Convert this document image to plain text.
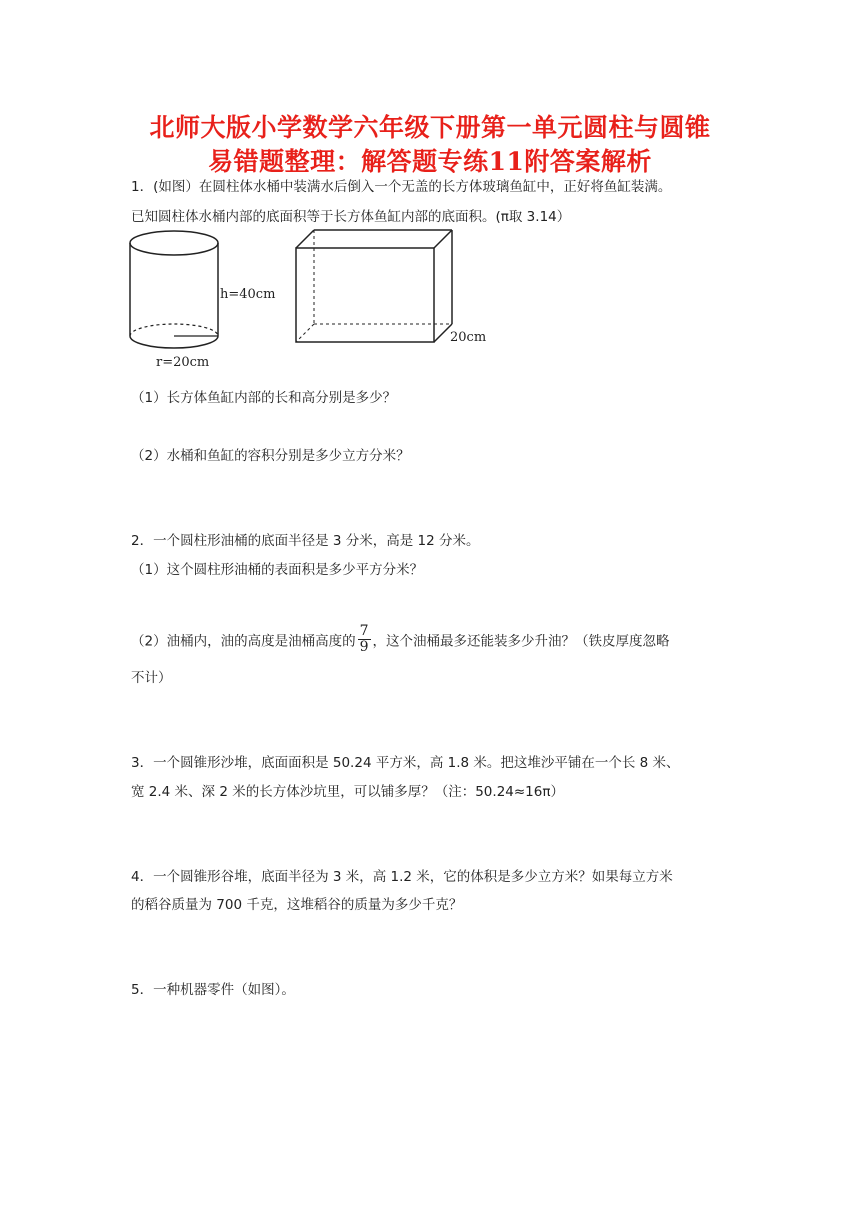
北师大版小学数学六年级下册第一单元圆柱与圆锥
易错题整理：解答题专练11附答案解析
1．(如图）在圆柱体水桶中装满水后倒入一个无盖的长方体玻璃鱼缸中，正好将鱼缸装满。
已知圆柱体水桶内部的底面积等于长方体鱼缸内部的底面积。(π取 3.14）
h=40cm
r=20cm
20cm
（1）长方体鱼缸内部的长和高分别是多少？
（2）水桶和鱼缸的容积分别是多少立方分米？
2．一个圆柱形油桶的底面半径是 3 分米，高是 12 分米。
（1）这个圆柱形油桶的表面积是多少平方分米？
（2）油桶内，油的高度是油桶高度的 $\frac{7}{9}$ ，这个油桶最多还能装多少升油？（铁皮厚度忽略
不计）
3．一个圆锥形沙堆，底面面积是 50.24 平方米，高 1.8 米。把这堆沙平铺在一个长 8 米、
宽 2.4 米、深 2 米的长方体沙坑里，可以铺多厚？（注：50.24≈16π）
4．一个圆锥形谷堆，底面半径为 3 米，高 1.2 米，它的体积是多少立方米？如果每立方米
的稻谷质量为 700 千克，这堆稻谷的质量为多少千克？
5．一种机器零件（如图）。
